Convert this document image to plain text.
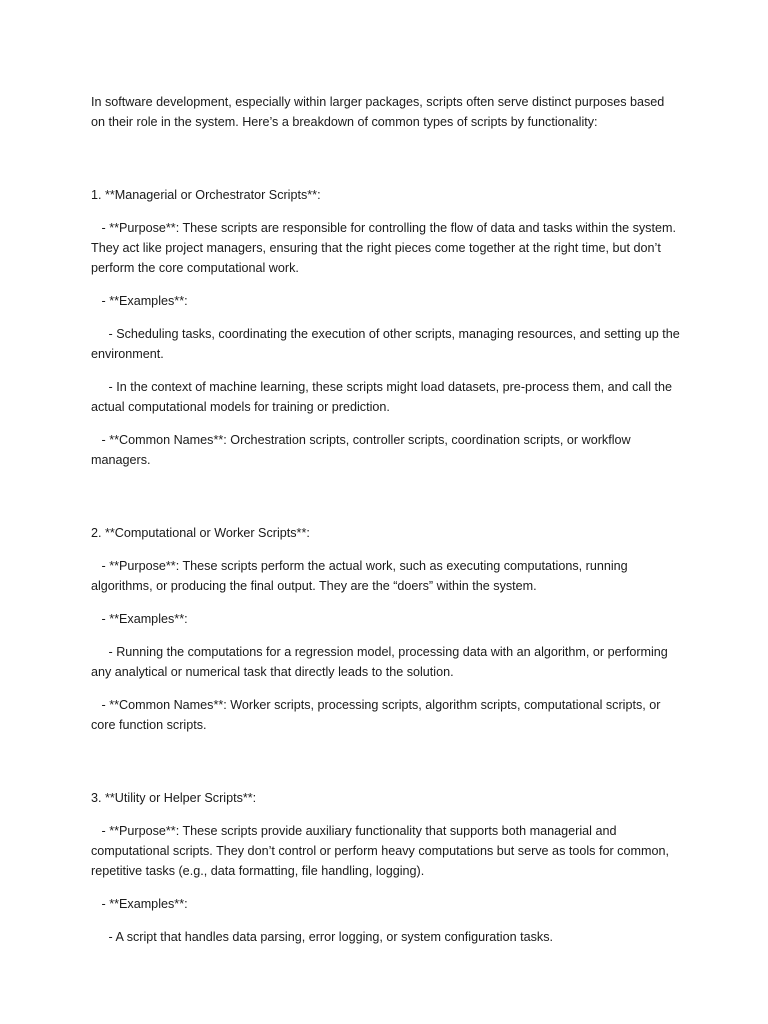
In software development, especially within larger packages, scripts often serve distinct purposes based on their role in the system. Here’s a breakdown of common types of scripts by functionality:

1. **Managerial or Orchestrator Scripts**:

- **Purpose**: These scripts are responsible for controlling the flow of data and tasks within the system. They act like project managers, ensuring that the right pieces come together at the right time, but don’t perform the core computational work.

- **Examples**:

- Scheduling tasks, coordinating the execution of other scripts, managing resources, and setting up the environment.

- In the context of machine learning, these scripts might load datasets, pre-process them, and call the actual computational models for training or prediction.

- **Common Names**: Orchestration scripts, controller scripts, coordination scripts, or workflow managers.

2. **Computational or Worker Scripts**:

- **Purpose**: These scripts perform the actual work, such as executing computations, running algorithms, or producing the final output. They are the “doers” within the system.

- **Examples**:

- Running the computations for a regression model, processing data with an algorithm, or performing any analytical or numerical task that directly leads to the solution.

- **Common Names**: Worker scripts, processing scripts, algorithm scripts, computational scripts, or core function scripts.

3. **Utility or Helper Scripts**:

- **Purpose**: These scripts provide auxiliary functionality that supports both managerial and computational scripts. They don’t control or perform heavy computations but serve as tools for common, repetitive tasks (e.g., data formatting, file handling, logging).

- **Examples**:

- A script that handles data parsing, error logging, or system configuration tasks.
